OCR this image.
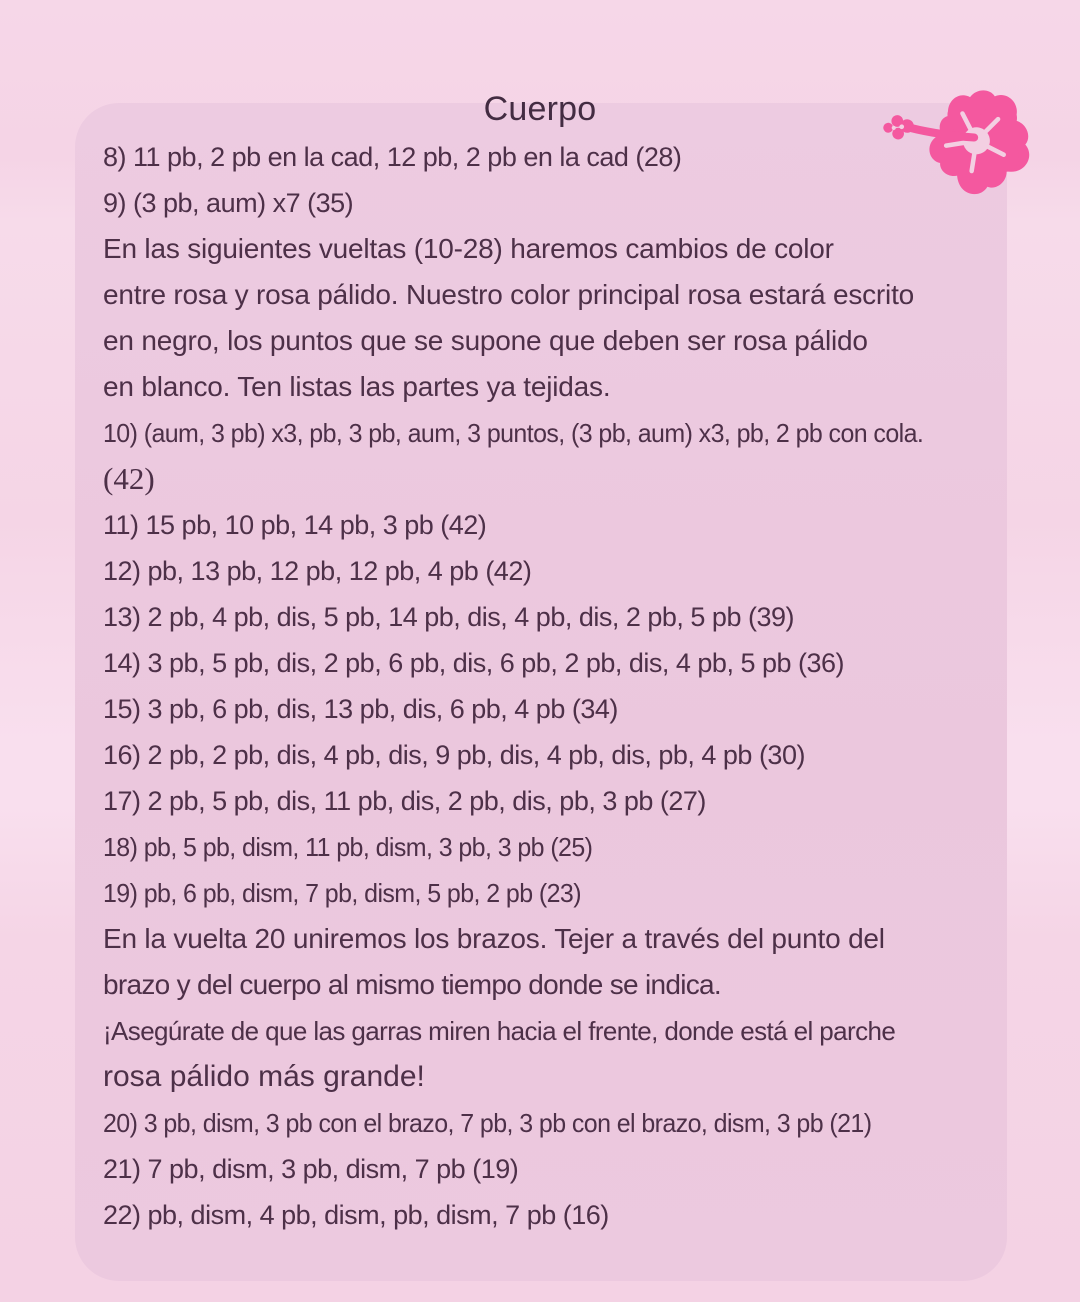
Cuerpo
8) 11 pb, 2 pb en la cad, 12 pb, 2 pb en la cad (28)
9) (3 pb, aum) x7 (35)
En las siguientes vueltas (10-28) haremos cambios de color
entre rosa y rosa pálido. Nuestro color principal rosa estará escrito
en negro, los puntos que se supone que deben ser rosa pálido
en blanco. Ten listas las partes ya tejidas.
10) (aum, 3 pb) x3, pb, 3 pb, aum, 3 puntos, (3 pb, aum) x3, pb, 2 pb con cola.
(42)
11) 15 pb, 10 pb, 14 pb, 3 pb (42)
12) pb, 13 pb, 12 pb, 12 pb, 4 pb (42)
13) 2 pb, 4 pb, dis, 5 pb, 14 pb, dis, 4 pb, dis, 2 pb, 5 pb (39)
14) 3 pb, 5 pb, dis, 2 pb, 6 pb, dis, 6 pb, 2 pb, dis, 4 pb, 5 pb (36)
15) 3 pb, 6 pb, dis, 13 pb, dis, 6 pb, 4 pb (34)
16) 2 pb, 2 pb, dis, 4 pb, dis, 9 pb, dis, 4 pb, dis, pb, 4 pb (30)
17) 2 pb, 5 pb, dis, 11 pb, dis, 2 pb, dis, pb, 3 pb (27)
18) pb, 5 pb, dism, 11 pb, dism, 3 pb, 3 pb (25)
19) pb, 6 pb, dism, 7 pb, dism, 5 pb, 2 pb (23)
En la vuelta 20 uniremos los brazos. Tejer a través del punto del
brazo y del cuerpo al mismo tiempo donde se indica.
¡Asegúrate de que las garras miren hacia el frente, donde está el parche
rosa pálido más grande!
20) 3 pb, dism, 3 pb con el brazo, 7 pb, 3 pb con el brazo, dism, 3 pb (21)
21) 7 pb, dism, 3 pb, dism, 7 pb (19)
22) pb, dism, 4 pb, dism, pb, dism, 7 pb (16)
